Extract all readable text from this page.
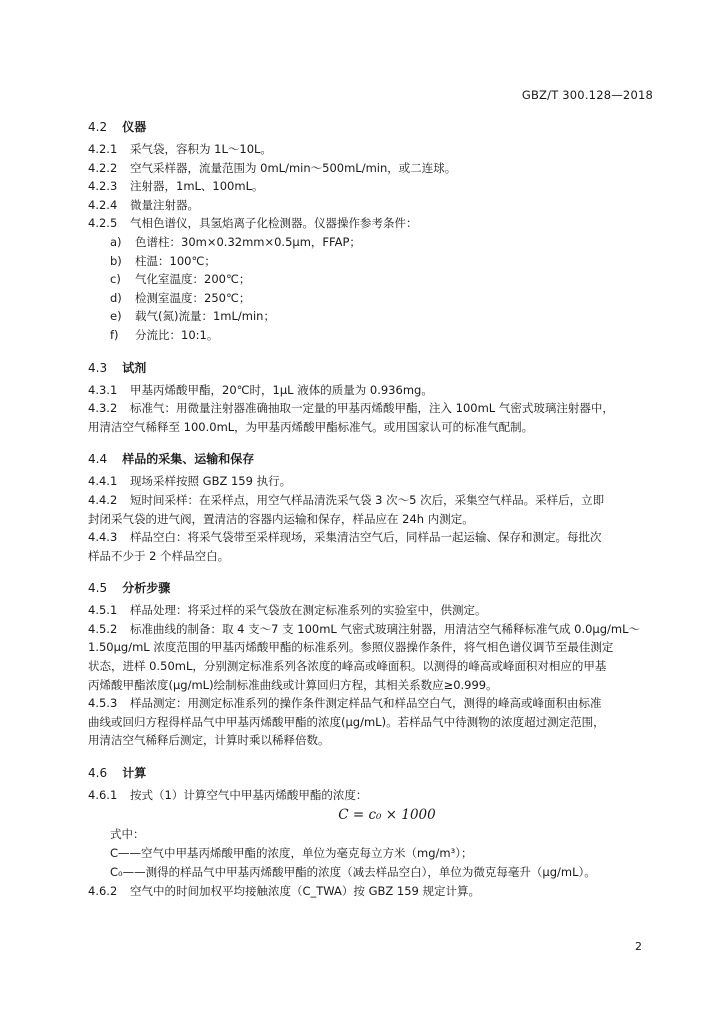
GBZ/T 300.128—2018
4.2 仪器
4.2.1 采气袋，容积为 1L～10L。
4.2.2 空气采样器，流量范围为 0mL/min～500mL/min，或二连球。
4.2.3 注射器，1mL、100mL。
4.2.4 微量注射器。
4.2.5 气相色谱仪，具氢焰离子化检测器。仪器操作参考条件：
a) 色谱柱：30m×0.32mm×0.5μm，FFAP；
b) 柱温：100℃；
c) 气化室温度：200℃；
d) 检测室温度：250℃；
e) 载气(氮)流量：1mL/min；
f) 分流比：10:1。
4.3 试剂
4.3.1 甲基丙烯酸甲酯，20℃时，1μL 液体的质量为 0.936mg。
4.3.2 标准气：用微量注射器准确抽取一定量的甲基丙烯酸甲酯，注入 100mL 气密式玻璃注射器中，
用清洁空气稀释至 100.0mL，为甲基丙烯酸甲酯标准气。或用国家认可的标准气配制。
4.4 样品的采集、运输和保存
4.4.1 现场采样按照 GBZ 159 执行。
4.4.2 短时间采样：在采样点，用空气样品清洗采气袋 3 次～5 次后，采集空气样品。采样后，立即
封闭采气袋的进气阀，置清洁的容器内运输和保存，样品应在 24h 内测定。
4.4.3 样品空白：将采气袋带至采样现场，采集清洁空气后，同样品一起运输、保存和测定。每批次
样品不少于 2 个样品空白。
4.5 分析步骤
4.5.1 样品处理：将采过样的采气袋放在测定标准系列的实验室中，供测定。
4.5.2 标准曲线的制备：取 4 支～7 支 100mL 气密式玻璃注射器，用清洁空气稀释标准气成 0.0μg/mL～
1.50μg/mL 浓度范围的甲基丙烯酸甲酯的标准系列。参照仪器操作条件，将气相色谱仪调节至最佳测定
状态，进样 0.50mL，分别测定标准系列各浓度的峰高或峰面积。以测得的峰高或峰面积对相应的甲基
丙烯酸甲酯浓度(μg/mL)绘制标准曲线或计算回归方程，其相关系数应≥0.999。
4.5.3 样品测定：用测定标准系列的操作条件测定样品气和样品空白气，测得的峰高或峰面积由标准
曲线或回归方程得样品气中甲基丙烯酸甲酯的浓度(μg/mL)。若样品气中待测物的浓度超过测定范围，
用清洁空气稀释后测定，计算时乘以稀释倍数。
4.6 计算
4.6.1 按式（1）计算空气中甲基丙烯酸甲酯的浓度：
C = c₀ × 1000
式中：
C——空气中甲基丙烯酸甲酯的浓度，单位为毫克每立方米（mg/m³）；
C₀——测得的样品气中甲基丙烯酸甲酯的浓度（减去样品空白），单位为微克每毫升（μg/mL）。
4.6.2 空气中的时间加权平均接触浓度（C_TWA）按 GBZ 159 规定计算。
2
